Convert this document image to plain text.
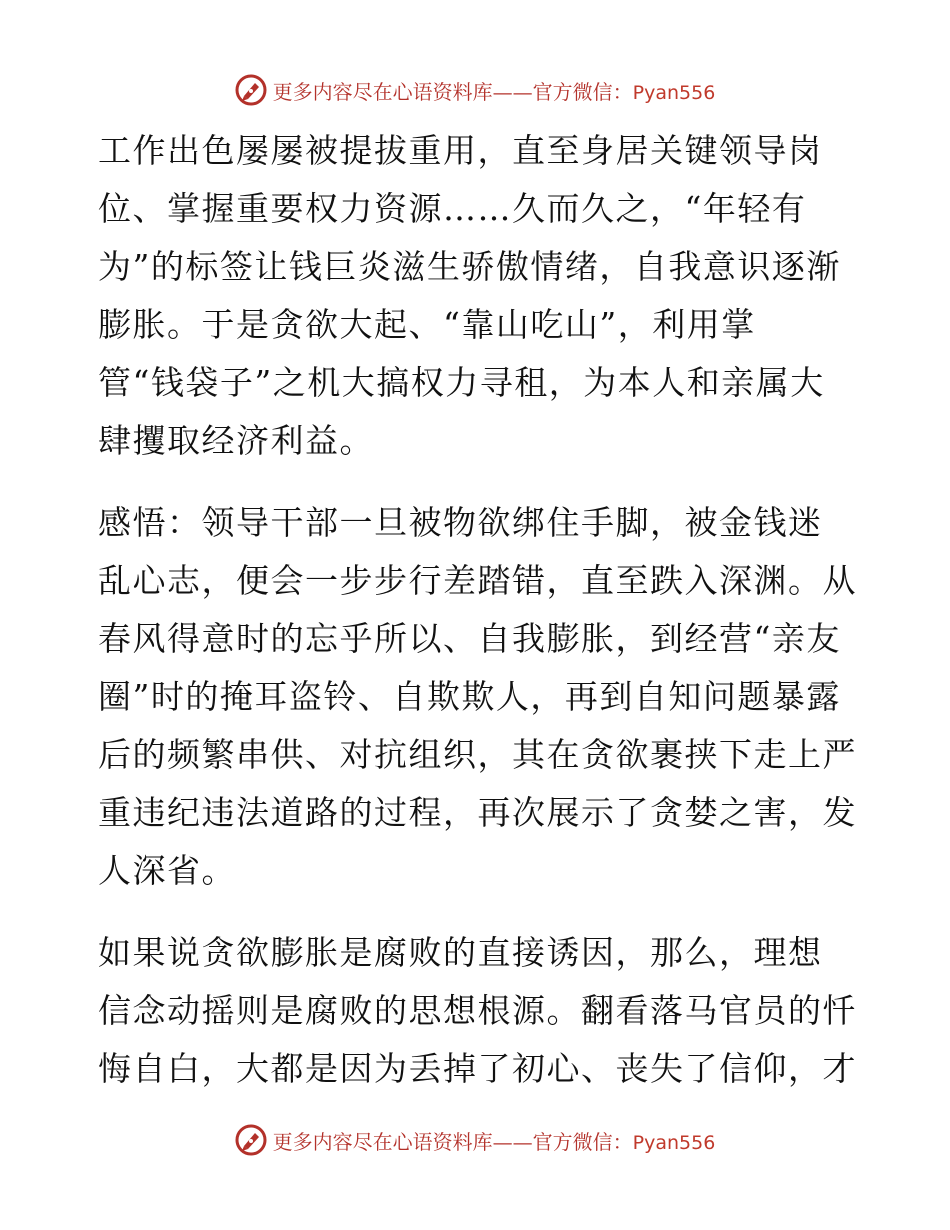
更多内容尽在心语资料库——官方微信：Pyan556
工作出色屡屡被提拔重用，直至身居关键领导岗
位、掌握重要权力资源……久而久之，“年轻有
为”的标签让钱巨炎滋生骄傲情绪，自我意识逐渐
膨胀。于是贪欲大起、“靠山吃山”，利用掌
管“钱袋子”之机大搞权力寻租，为本人和亲属大
肆攫取经济利益。
感悟：领导干部一旦被物欲绑住手脚，被金钱迷
乱心志，便会一步步行差踏错，直至跌入深渊。从
春风得意时的忘乎所以、自我膨胀，到经营“亲友
圈”时的掩耳盗铃、自欺欺人，再到自知问题暴露
后的频繁串供、对抗组织，其在贪欲裹挟下走上严
重违纪违法道路的过程，再次展示了贪婪之害，发
人深省。
如果说贪欲膨胀是腐败的直接诱因，那么，理想
信念动摇则是腐败的思想根源。翻看落马官员的忏
悔自白，大都是因为丢掉了初心、丧失了信仰，才
更多内容尽在心语资料库——官方微信：Pyan556
